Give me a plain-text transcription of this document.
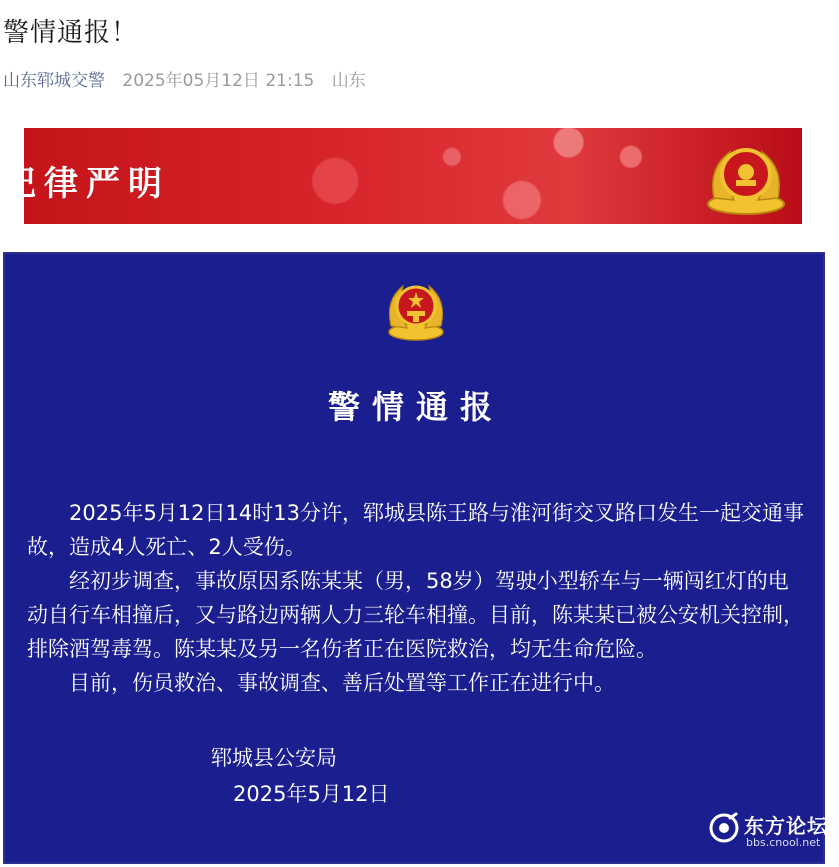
警情通报！
山东郓城交警 2025年05月12日 21:15 山东
记律严明
警情通报

2025年5月12日14时13分许，郓城县陈王路与淮河街交叉路口发生一起交通事故，造成4人死亡、2人受伤。

经初步调查，事故原因系陈某某（男，58岁）驾驶小型轿车与一辆闯红灯的电动自行车相撞后，又与路边两辆人力三轮车相撞。目前，陈某某已被公安机关控制，排除酒驾毒驾。陈某某及另一名伤者正在医院救治，均无生命危险。

目前，伤员救治、事故调查、善后处置等工作正在进行中。

郓城县公安局
2025年5月12日
东方论坛
bbs.cnool.net
